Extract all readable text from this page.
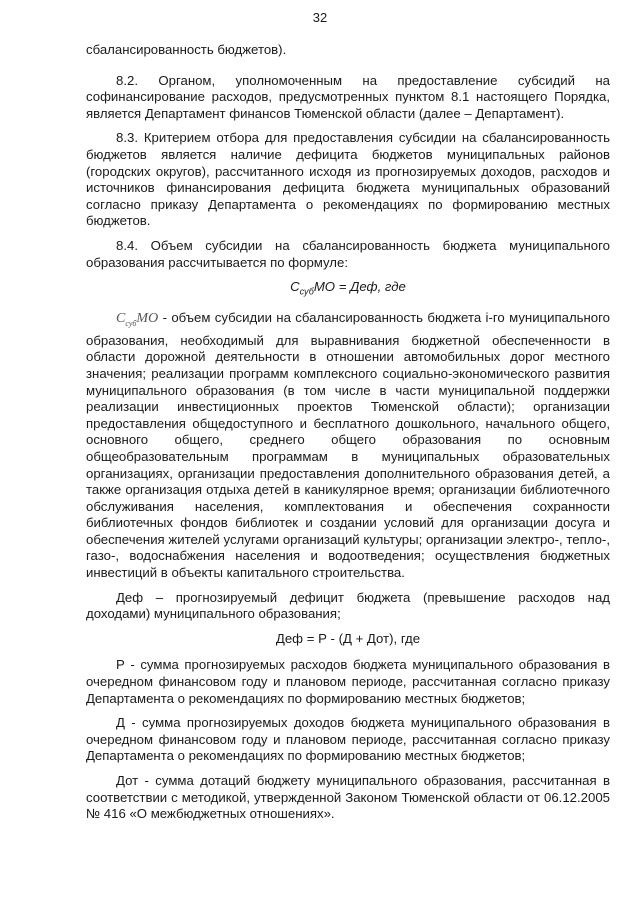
32

сбалансированность бюджетов).

8.2. Органом, уполномоченным на предоставление субсидий на софинансирование расходов, предусмотренных пунктом 8.1 настоящего Порядка, является Департамент финансов Тюменской области (далее – Департамент).

8.3. Критерием отбора для предоставления субсидии на сбалансированность бюджетов является наличие дефицита бюджетов муниципальных районов (городских округов), рассчитанного исходя из прогнозируемых доходов, расходов и источников финансирования дефицита бюджета муниципальных образований согласно приказу Департамента о рекомендациях по формированию местных бюджетов.

8.4. Объем субсидии на сбалансированность бюджета муниципального образования рассчитывается по формуле:

$С_{суб}МО$ = Деф, где

$C_{суб}МО$ - объем субсидии на сбалансированность бюджета i-го муниципального образования, необходимый для выравнивания бюджетной обеспеченности в области дорожной деятельности в отношении автомобильных дорог местного значения; реализации программ комплексного социально-экономического развития муниципального образования (в том числе в части муниципальной поддержки реализации инвестиционных проектов Тюменской области); организации предоставления общедоступного и бесплатного дошкольного, начального общего, основного общего, среднего общего образования по основным общеобразовательным программам в муниципальных образовательных организациях, организации предоставления дополнительного образования детей, а также организация отдыха детей в каникулярное время; организации библиотечного обслуживания населения, комплектования и обеспечения сохранности библиотечных фондов библиотек и создании условий для организации досуга и обеспечения жителей услугами организаций культуры; организации электро-, тепло-, газо-, водоснабжения населения и водоотведения; осуществления бюджетных инвестиций в объекты капитального строительства.

Деф – прогнозируемый дефицит бюджета (превышение расходов над доходами) муниципального образования;

Деф = Р - (Д + Дот), где

Р - сумма прогнозируемых расходов бюджета муниципального образования в очередном финансовом году и плановом периоде, рассчитанная согласно приказу Департамента о рекомендациях по формированию местных бюджетов;

Д - сумма прогнозируемых доходов бюджета муниципального образования в очередном финансовом году и плановом периоде, рассчитанная согласно приказу Департамента о рекомендациях по формированию местных бюджетов;

Дот - сумма дотаций бюджету муниципального образования, рассчитанная в соответствии с методикой, утвержденной Законом Тюменской области от 06.12.2005 № 416 «О межбюджетных отношениях».
